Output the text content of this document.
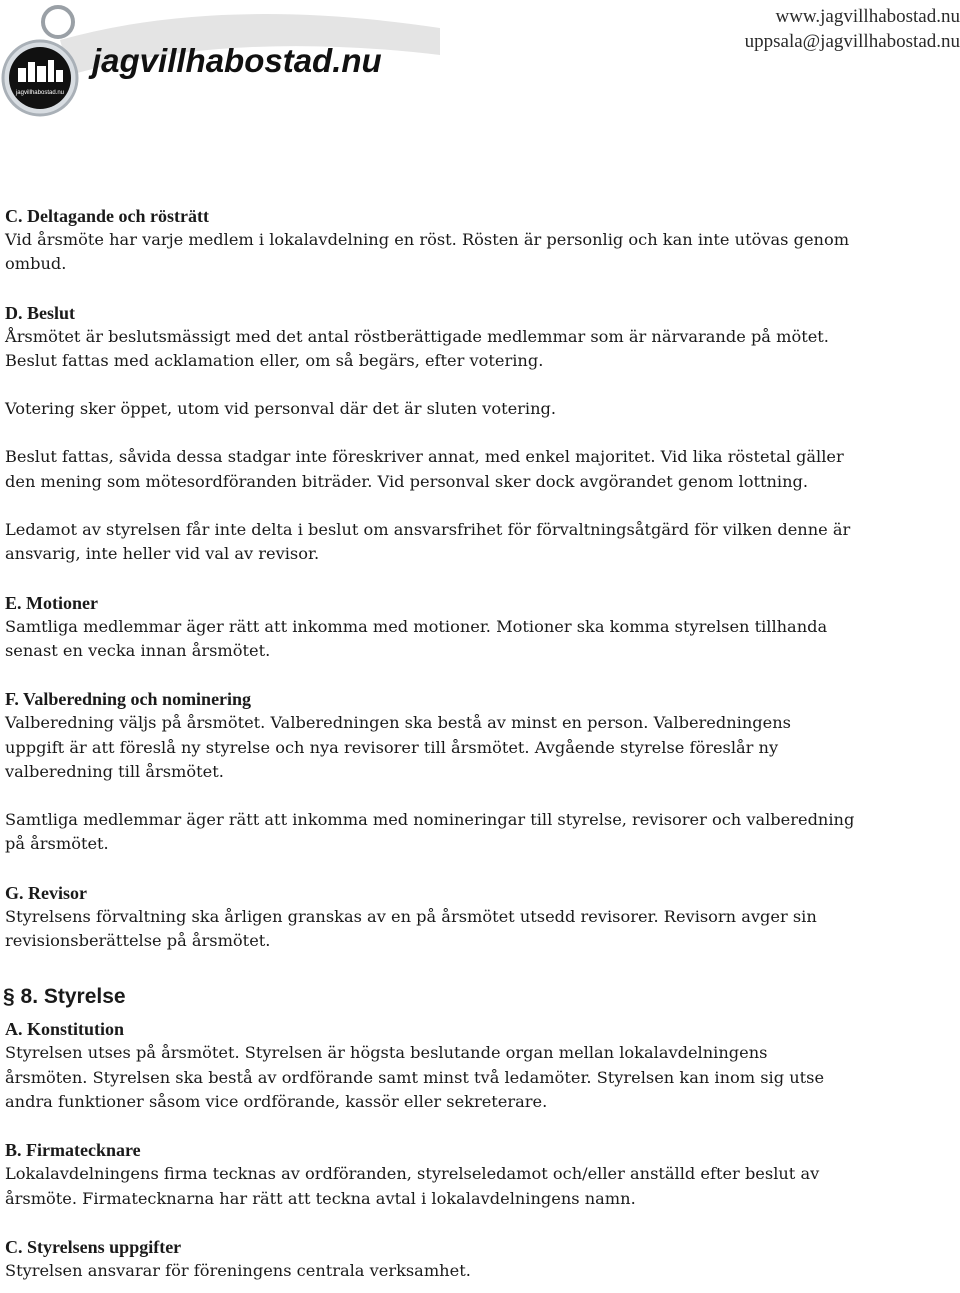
jagvillhabostad.nu
jagvillhabostad.nu
www.jagvillhabostad.nu
uppsala@jagvillhabostad.nu
C. Deltagande och rösträtt

Vid årsmöte har varje medlem i lokalavdelning en röst. Rösten är personlig och kan inte utövas genom ombud.

D. Beslut

Årsmötet är beslutsmässigt med det antal röstberättigade medlemmar som är närvarande på mötet. Beslut fattas med acklamation eller, om så begärs, efter votering.

Votering sker öppet, utom vid personval där det är sluten votering.

Beslut fattas, såvida dessa stadgar inte föreskriver annat, med enkel majoritet. Vid lika röstetal gäller den mening som mötesordföranden biträder. Vid personval sker dock avgörandet genom lottning.

Ledamot av styrelsen får inte delta i beslut om ansvarsfrihet för förvaltningsåtgärd för vilken denne är ansvarig, inte heller vid val av revisor.

E. Motioner

Samtliga medlemmar äger rätt att inkomma med motioner. Motioner ska komma styrelsen tillhanda senast en vecka innan årsmötet.

F. Valberedning och nominering

Valberedning väljs på årsmötet. Valberedningen ska bestå av minst en person. Valberedningens uppgift är att föreslå ny styrelse och nya revisorer till årsmötet. Avgående styrelse föreslår ny valberedning till årsmötet.

Samtliga medlemmar äger rätt att inkomma med nomineringar till styrelse, revisorer och valberedning på årsmötet.

G. Revisor

Styrelsens förvaltning ska årligen granskas av en på årsmötet utsedd revisorer. Revisorn avger sin revisionsberättelse på årsmötet.

§ 8. Styrelse
A. Konstitution

Styrelsen utses på årsmötet. Styrelsen är högsta beslutande organ mellan lokalavdelningens årsmöten. Styrelsen ska bestå av ordförande samt minst två ledamöter. Styrelsen kan inom sig utse andra funktioner såsom vice ordförande, kassör eller sekreterare.

B. Firmatecknare

Lokalavdelningens firma tecknas av ordföranden, styrelseledamot och/eller anställd efter beslut av årsmöte. Firmatecknarna har rätt att teckna avtal i lokalavdelningens namn.

C. Styrelsens uppgifter

Styrelsen ansvarar för föreningens centrala verksamhet.
